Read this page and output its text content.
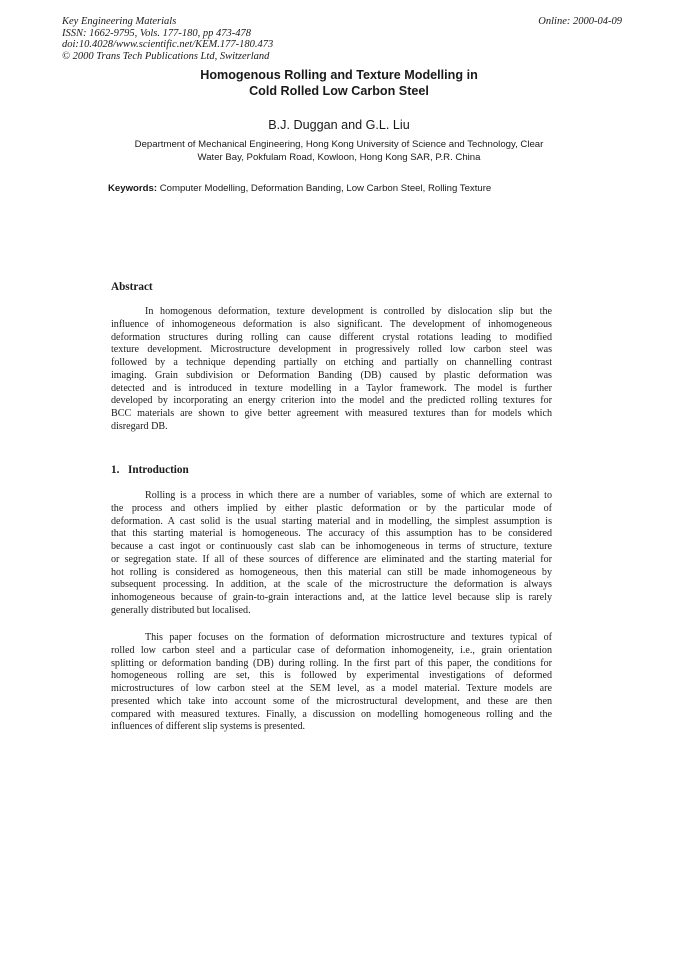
Key Engineering Materials
ISSN: 1662-9795, Vols. 177-180, pp 473-478
doi:10.4028/www.scientific.net/KEM.177-180.473
© 2000 Trans Tech Publications Ltd, Switzerland
Online: 2000-04-09
Homogenous Rolling and Texture Modelling in
Cold Rolled Low Carbon Steel
B.J. Duggan and G.L. Liu
Department of Mechanical Engineering, Hong Kong University of Science and Technology, Clear
Water Bay, Pokfulam Road, Kowloon, Hong Kong SAR, P.R. China
Keywords: Computer Modelling, Deformation Banding, Low Carbon Steel, Rolling Texture
Abstract

In homogenous deformation, texture development is controlled by dislocation slip but the
influence of inhomogeneous deformation is also significant. The development of inhomogeneous
deformation structures during rolling can cause different crystal rotations leading to modified
texture development. Microstructure development in progressively rolled low carbon steel was
followed by a technique depending partially on etching and partially on channelling contrast
imaging. Grain subdivision or Deformation Banding (DB) caused by plastic deformation was
detected and is introduced in texture modelling in a Taylor framework. The model is further
developed by incorporating an energy criterion into the model and the predicted rolling textures for
BCC materials are shown to give better agreement with measured textures than for models which
disregard DB.

1. Introduction

Rolling is a process in which there are a number of variables, some of which are external to
the process and others implied by either plastic deformation or by the particular mode of
deformation. A cast solid is the usual starting material and in modelling, the simplest assumption is
that this starting material is homogeneous. The accuracy of this assumption has to be considered
because a cast ingot or continuously cast slab can be inhomogeneous in terms of structure, texture
or segregation state. If all of these sources of difference are eliminated and the starting material for
hot rolling is considered as homogeneous, then this material can still be made inhomogeneous by
subsequent processing. In addition, at the scale of the microstructure the deformation is always
inhomogeneous because of grain-to-grain interactions and, at the lattice level because slip is rarely
generally distributed but localised.

This paper focuses on the formation of deformation microstructure and textures typical of
rolled low carbon steel and a particular case of deformation inhomogeneity, i.e., grain orientation
splitting or deformation banding (DB) during rolling. In the first part of this paper, the conditions for
homogeneous rolling are set, this is followed by experimental investigations of deformed
microstructures of low carbon steel at the SEM level, as a model material. Texture models are
presented which take into account some of the microstructural development, and these are then
compared with measured textures. Finally, a discussion on modelling homogeneous rolling and the
influences of different slip systems is presented.
